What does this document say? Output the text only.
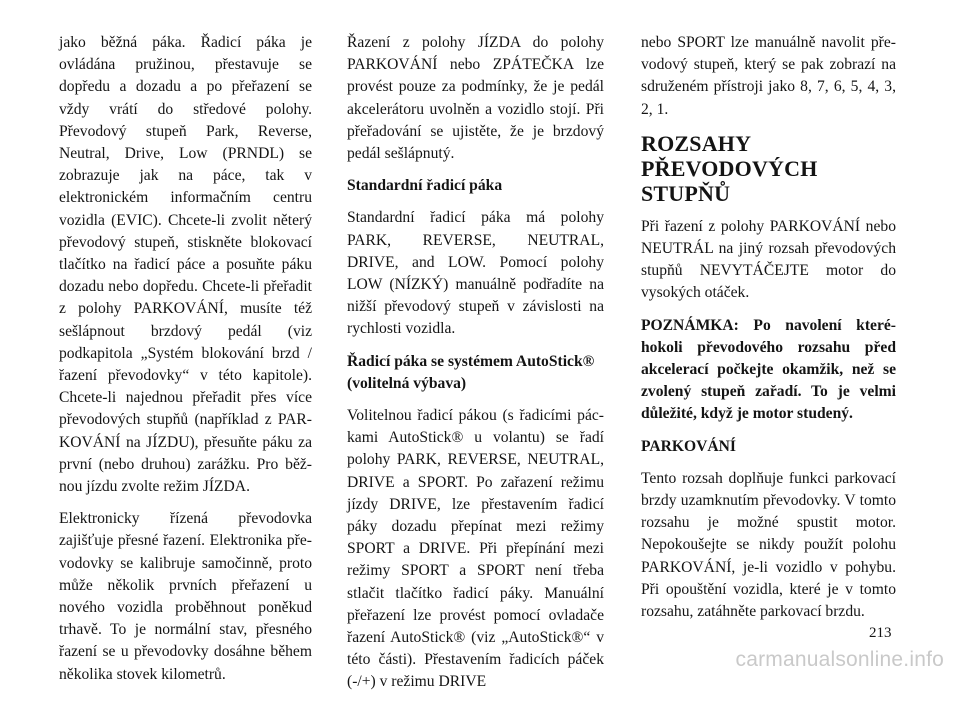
jako běžná páka. Řadicí páka je ovládána pružinou, přestavuje se dopředu a dozadu a po přeřazení se vždy vrátí do středové polohy. Převodový stupeň Park, Reverse, Neutral, Drive, Low (PRNDL) se zobrazuje jak na páce, tak v elektronickém informačním centru vozidla (EVIC). Chcete-li zvolit něterý převodový stupeň, stiskněte blokovací tlačítko na řadicí páce a posuňte páku dozadu nebo dopředu. Chcete-li přeřadit z polohy PARKOVÁNÍ, musíte též sešlápnout brzdový pedál (viz podkapitola „Systém blokování brzd / řazení převodovky“ v této kapitole). Chcete-li najednou přeřadit přes více převodových stupňů (například z PARKOVÁNÍ na JÍZDU), přesuňte páku za první (nebo druhou) zarážku. Pro běžnou jízdu zvolte režim JÍZDA.

Elektronicky řízená převodovka zajišťuje přesné řazení. Elektronika převodovky se kalibruje samočinně, proto může několik prvních přeřazení u nového vozidla proběhnout poněkud trhavě. To je normální stav, přesného řazení se u převodovky dosáhne během několika stovek kilometrů.

Řazení z polohy JÍZDA do polohy PARKOVÁNÍ nebo ZPÁTEČKA lze provést pouze za podmínky, že je pedál akcelerátoru uvolněn a vozidlo stojí. Při přeřadování se ujistěte, že je brzdový pedál sešlápnutý.

Standardní řadicí páka

Standardní řadicí páka má polohy PARK, REVERSE, NEUTRAL, DRIVE, and LOW. Pomocí polohy LOW (NÍZKÝ) manuálně podřadíte na nižší převodový stupeň v závislosti na rychlosti vozidla.

Řadicí páka se systémem AutoStick® (volitelná výbava)

Volitelnou řadicí pákou (s řadicími páckami AutoStick® u volantu) se řadí polohy PARK, REVERSE, NEUTRAL, DRIVE a SPORT. Po zařazení režimu jízdy DRIVE, lze přestavením řadicí páky dozadu přepínat mezi režimy SPORT a DRIVE. Při přepínání mezi režimy SPORT a SPORT není třeba stlačit tlačítko řadicí páky. Manuální přeřazení lze provést pomocí ovladače řazení AutoStick® (viz „AutoStick®“ v této části). Přestavením řadicích páček (-/+) v režimu DRIVE

nebo SPORT lze manuálně navolit převodový stupeň, který se pak zobrazí na sdruženém přístroji jako 8, 7, 6, 5, 4, 3, 2, 1.

ROZSAHY PŘEVODOVÝCH STUPŇŮ

Při řazení z polohy PARKOVÁNÍ nebo NEUTRÁL na jiný rozsah převodových stupňů NEVYTÁČEJTE motor do vysokých otáček.

POZNÁMKA: Po navolení kteréhokoli převodového rozsahu před akcelerací počkejte okamžik, než se zvolený stupeň zařadí. To je velmi důležité, když je motor studený.

PARKOVÁNÍ

Tento rozsah doplňuje funkci parkovací brzdy uzamknutím převodovky. V tomto rozsahu je možné spustit motor. Nepokoušejte se nikdy použít polohu PARKOVÁNÍ, je-li vozidlo v pohybu. Při opouštění vozidla, které je v tomto rozsahu, zatáhněte parkovací brzdu.

213
carmanualsonline.info
